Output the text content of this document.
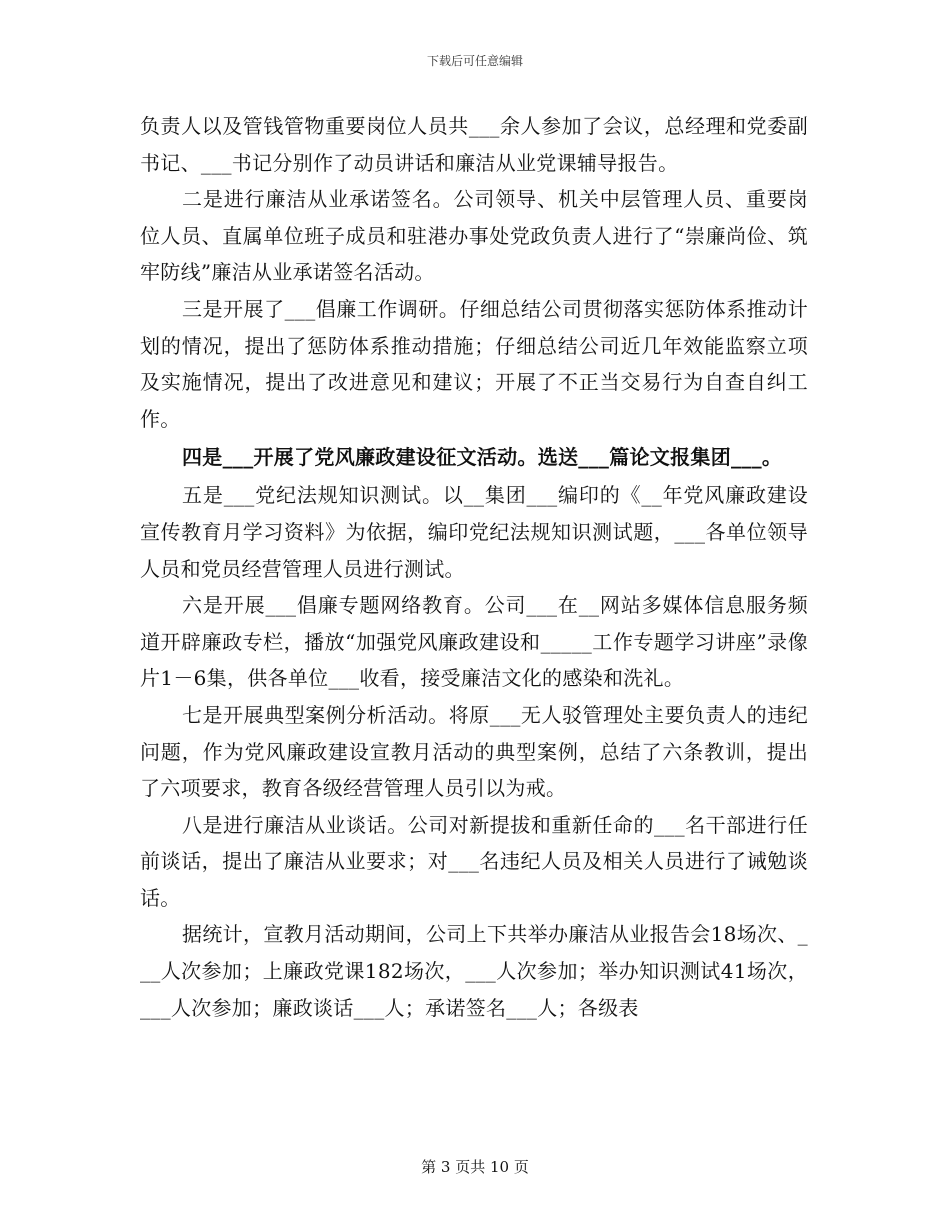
下载后可任意编辑

负责人以及管钱管物重要岗位人员共___余人参加了会议，总经理和党委副书记、___书记分别作了动员讲话和廉洁从业党课辅导报告。

二是进行廉洁从业承诺签名。公司领导、机关中层管理人员、重要岗位人员、直属单位班子成员和驻港办事处党政负责人进行了“崇廉尚俭、筑牢防线”廉洁从业承诺签名活动。

三是开展了___倡廉工作调研。仔细总结公司贯彻落实惩防体系推动计划的情况，提出了惩防体系推动措施；仔细总结公司近几年效能监察立项及实施情况，提出了改进意见和建议；开展了不正当交易行为自查自纠工作。

四是___开展了党风廉政建设征文活动。选送___篇论文报集团___。

五是___党纪法规知识测试。以__集团___编印的《__年党风廉政建设宣传教育月学习资料》为依据，编印党纪法规知识测试题，___各单位领导人员和党员经营管理人员进行测试。

六是开展___倡廉专题网络教育。公司___在__网站多媒体信息服务频道开辟廉政专栏，播放“加强党风廉政建设和_____工作专题学习讲座”录像片1－6集，供各单位___收看，接受廉洁文化的感染和洗礼。

七是开展典型案例分析活动。将原___无人驳管理处主要负责人的违纪问题，作为党风廉政建设宣教月活动的典型案例，总结了六条教训，提出了六项要求，教育各级经营管理人员引以为戒。

八是进行廉洁从业谈话。公司对新提拔和重新任命的___名干部进行任前谈话，提出了廉洁从业要求；对___名违纪人员及相关人员进行了诫勉谈话。

据统计，宣教月活动期间，公司上下共举办廉洁从业报告会18场次、___人次参加；上廉政党课182场次，___人次参加；举办知识测试41场次，___人次参加；廉政谈话___人；承诺签名___人；各级表

第 3 页共 10 页
